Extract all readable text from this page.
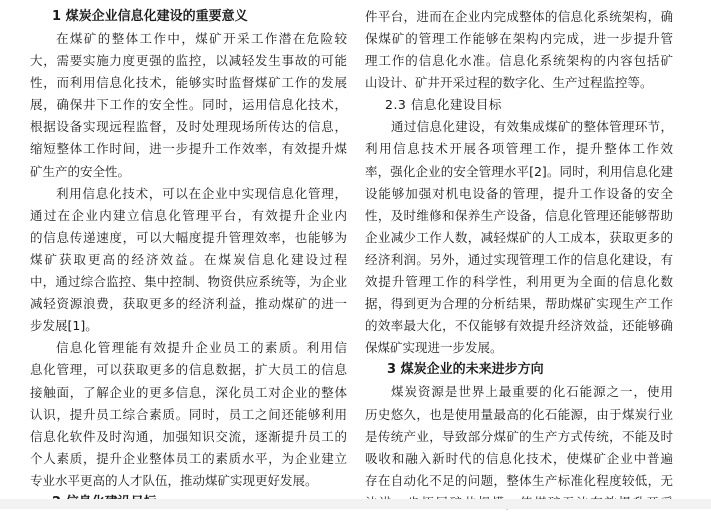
1 煤炭企业信息化建设的重要意义
在煤矿的整体工作中，煤矿开采工作潜在危险较
大，需要实施力度更强的监控，以减轻发生事故的可能
性，而利用信息化技术，能够实时监督煤矿工作的发展
展，确保井下工作的安全性。同时，运用信息化技术，
根据设备实现远程监督，及时处理现场所传达的信息，
缩短整体工作时间，进一步提升工作效率，有效提升煤
矿生产的安全性。
利用信息化技术，可以在企业中实现信息化管理，
通过在企业内建立信息化管理平台，有效提升企业内
的信息传递速度，可以大幅度提升管理效率，也能够为
煤矿获取更高的经济效益。在煤炭信息化建设过程
中，通过综合监控、集中控制、物资供应系统等，为企业
减轻资源浪费，获取更多的经济利益，推动煤矿的进一
步发展[1]。
信息化管理能有效提升企业员工的素质。利用信
息化管理，可以获取更多的信息数据，扩大员工的信息
接触面，了解企业的更多信息，深化员工对企业的整体
认识，提升员工综合素质。同时，员工之间还能够利用
信息化软件及时沟通，加强知识交流，逐渐提升员工的
个人素质，提升企业整体员工的素质水平，为企业建立
专业水平更高的人才队伍，推动煤矿实现更好发展。
件平台，进而在企业内完成整体的信息化系统架构，确
保煤矿的管理工作能够在架构内完成，进一步提升管
理工作的信息化水准。信息化系统架构的内容包括矿
山设计、矿井开采过程的数字化、生产过程监控等。
2.3 信息化建设目标
通过信息化建设，有效集成煤矿的整体管理环节，
利用信息技术开展各项管理工作，提升整体工作效
率，强化企业的安全管理水平[2]。同时，利用信息化建
设能够加强对机电设备的管理，提升工作设备的安全
性，及时维修和保养生产设备，信息化管理还能够帮助
企业减少工作人数，减轻煤矿的人工成本，获取更多的
经济利润。另外，通过实现管理工作的信息化建设，有
效提升管理工作的科学性，利用更为全面的信息化数
据，得到更为合理的分析结果，帮助煤矿实现生产工作
的效率最大化，不仅能够有效提升经济效益，还能够确
保煤矿实现进一步发展。
3 煤炭企业的未来进步方向
煤炭资源是世界上最重要的化石能源之一，使用
历史悠久，也是使用量最高的化石能源，由于煤炭行业
是传统产业，导致部分煤矿的生产方式传统，不能及时
吸收和融入新时代的信息化技术，使煤矿企业中普遍
存在自动化不足的问题，整体生产标准化程度较低，无
